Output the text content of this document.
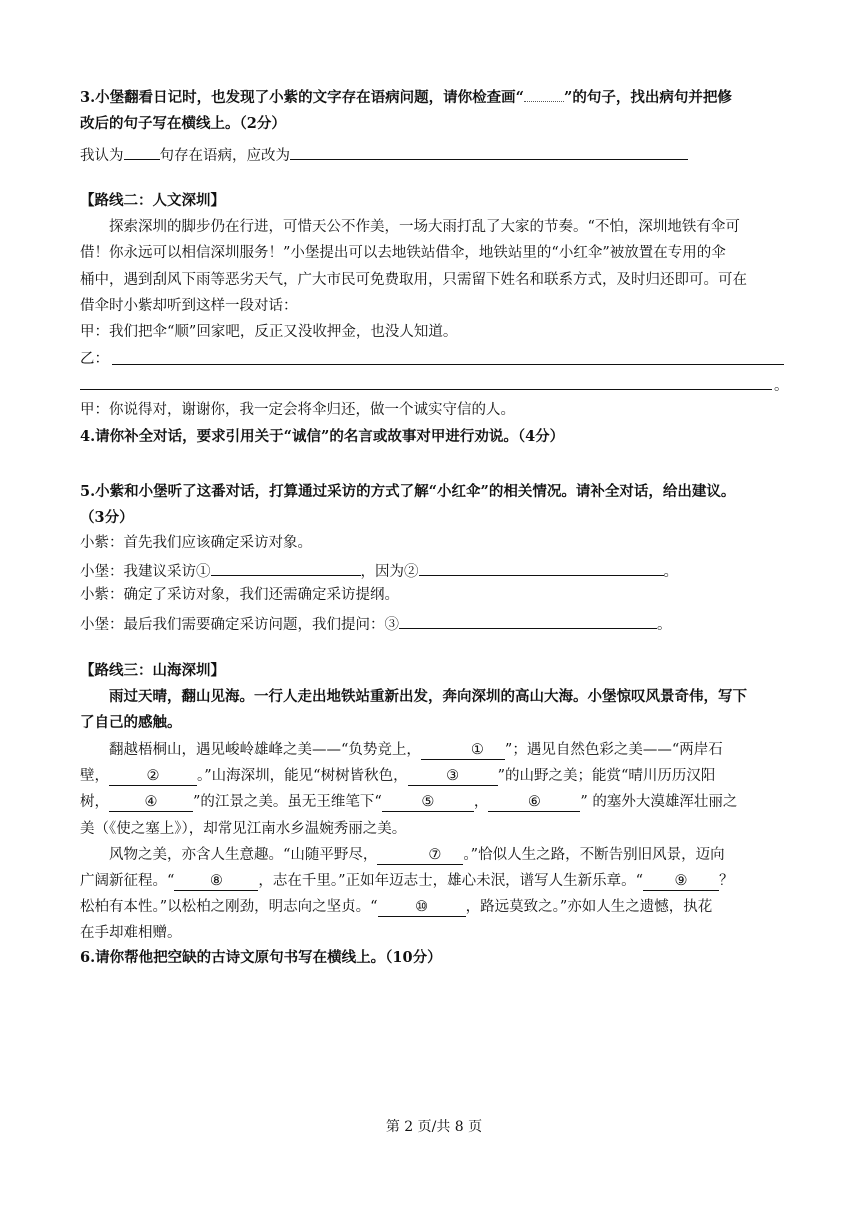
3.小堡翻看日记时，也发现了小紫的文字存在语病问题，请你检查画“	”的句子，找出病句并把修
改后的句子写在横线上。（2分）
我认为 句存在语病，应改为
【路线二：人文深圳】
探索深圳的脚步仍在行进，可惜天公不作美，一场大雨打乱了大家的节奏。“不怕，深圳地铁有伞可
借！你永远可以相信深圳服务！”小堡提出可以去地铁站借伞，地铁站里的“小红伞”被放置在专用的伞
桶中，遇到刮风下雨等恶劣天气，广大市民可免费取用，只需留下姓名和联系方式，及时归还即可。可在
借伞时小紫却听到这样一段对话：
甲：我们把伞“顺”回家吧，反正又没收押金，也没人知道。
乙：
。
甲：你说得对，谢谢你，我一定会将伞归还，做一个诚实守信的人。
4.请你补全对话，要求引用关于“诚信”的名言或故事对甲进行劝说。（4分）
5.小紫和小堡听了这番对话，打算通过采访的方式了解“小红伞”的相关情况。请补全对话，给出建议。
（3分）
小紫：首先我们应该确定采访对象。
小堡：我建议采访①	，因为②	。
小紫：确定了采访对象，我们还需确定采访提纲。
小堡：最后我们需要确定采访问题，我们提问：③	。
【路线三：山海深圳】
雨过天晴，翻山见海。一行人走出地铁站重新出发，奔向深圳的高山大海。小堡惊叹风景奇伟，写下
了自己的感触。
翻越梧桐山，遇见峻岭雄峰之美——“负势竞上，	① ”；遇见自然色彩之美——“两岸石
壁，	②	。”山海深圳，能见“树树皆秋色，	③	”的山野之美；能赏“晴川历历汉阳
树， ④ ”的江景之美。虽无王维笔下“	⑤	，	⑥	” 的塞外大漠雄浑壮丽之
美（《使之塞上》），却常见江南水乡温婉秀丽之美。
风物之美，亦含人生意趣。“山随平野尽，	⑦ 。”恰似人生之路，不断告别旧风景，迈向
广阔新征程。“ ⑧ ，志在千里。”正如年迈志士，雄心未泯，谱写人生新乐章。“ ⑨ ？
松柏有本性。”以松柏之刚劲，明志向之坚贞。“	⑩	，路远莫致之。”亦如人生之遗憾，执花
在手却难相赠。
6.请你帮他把空缺的古诗文原句书写在横线上。（10分）
第 2 页/共 8 页
